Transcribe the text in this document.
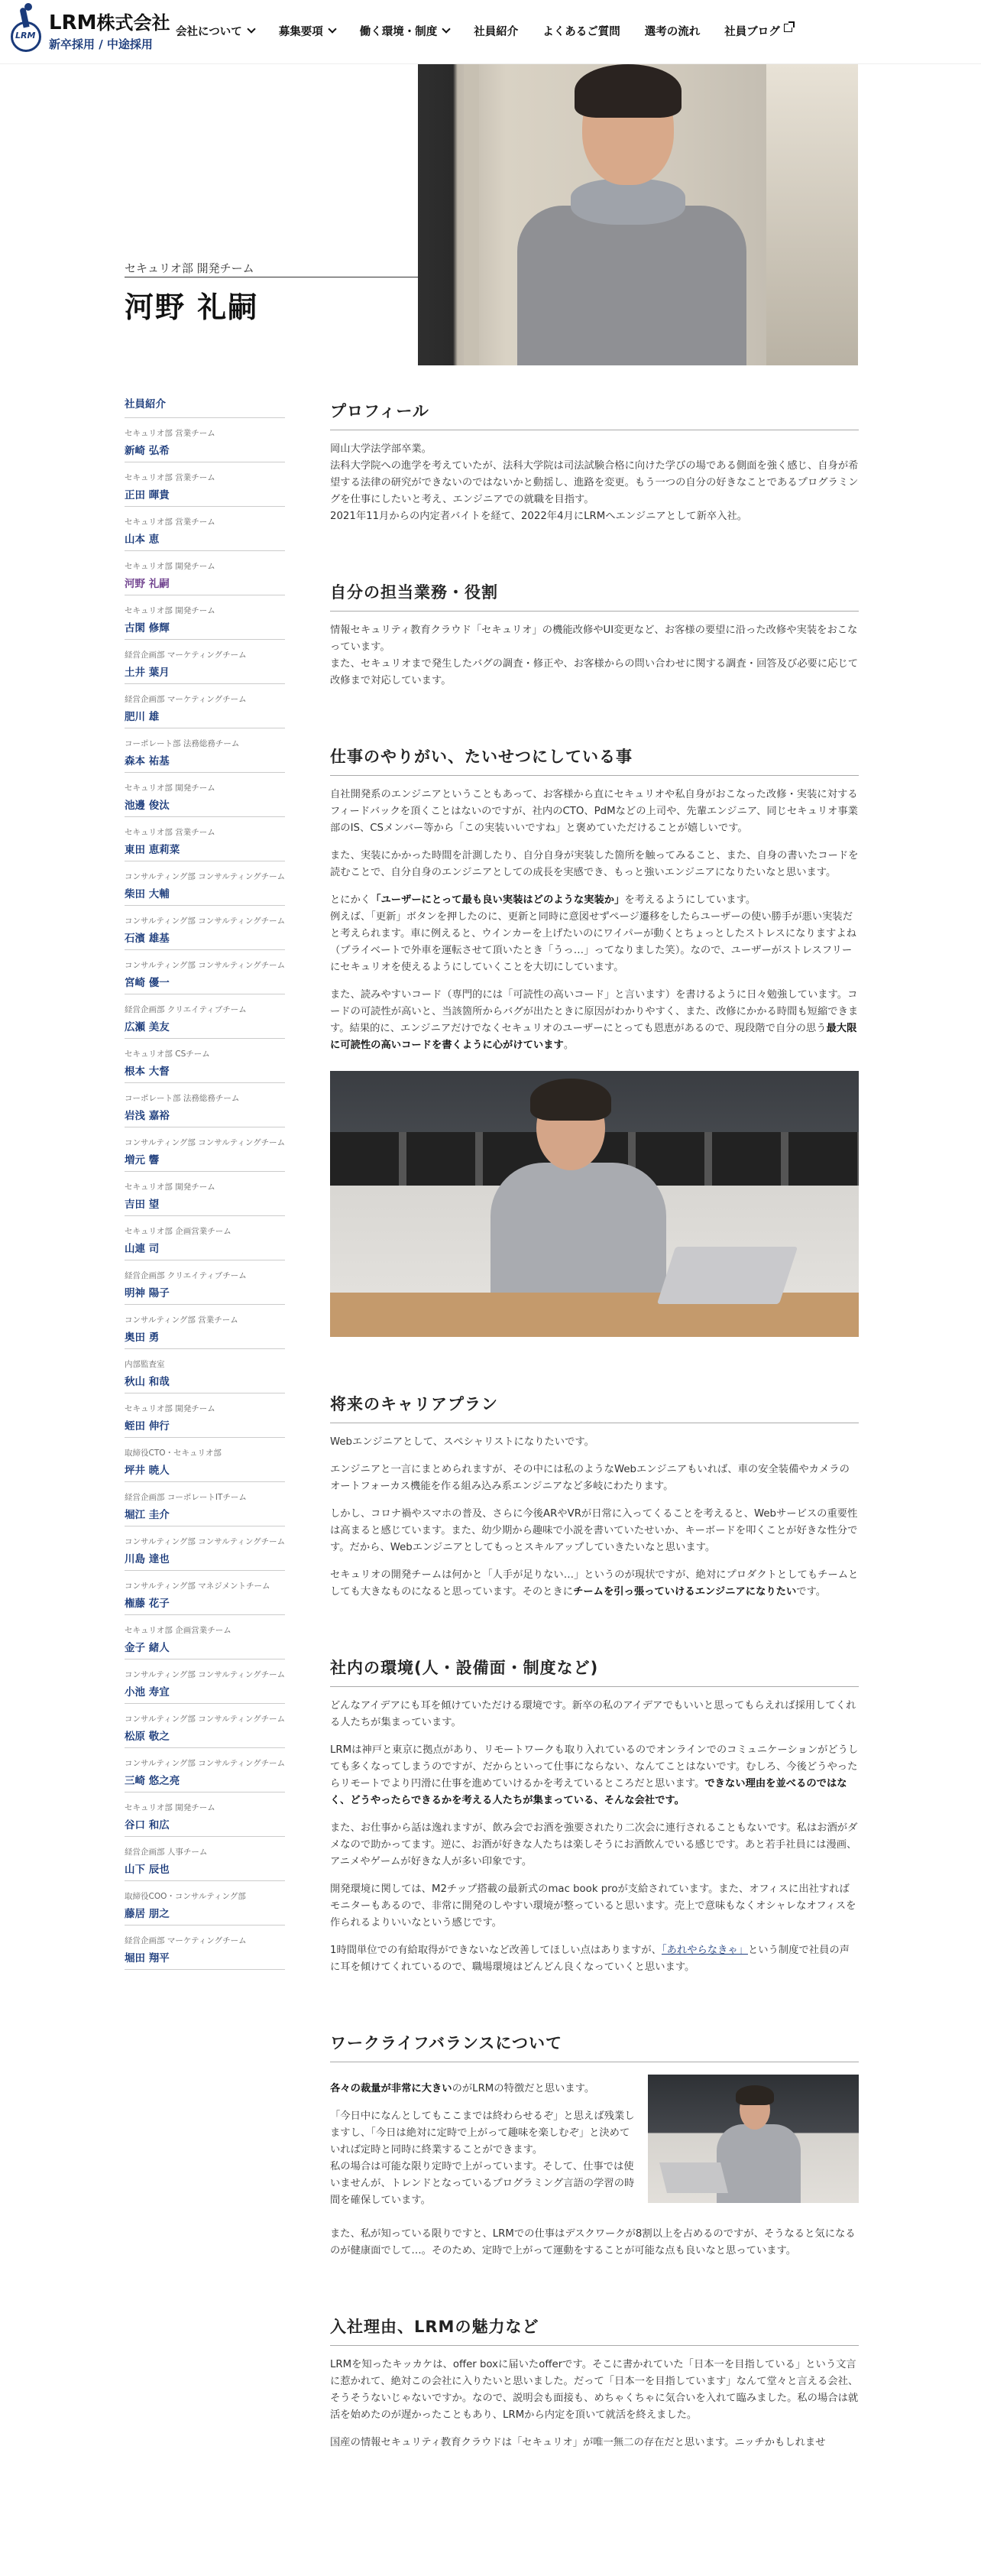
LRM
LRM株式会社
新卒採用 / 中途採用
会社について	募集要項	働く環境・制度	社員紹介 よくあるご質問 選考の流れ 社員ブログ
セキュリオ部 開発チーム
河野 礼嗣
社員紹介
セキュリオ部 営業チーム
新崎 弘希
セキュリオ部 営業チーム
正田 暉貴
セキュリオ部 営業チーム
山本 恵
セキュリオ部 開発チーム
河野 礼嗣
セキュリオ部 開発チーム
古閑 修輝
経営企画部 マーケティングチーム
土井 葉月
経営企画部 マーケティングチーム
肥川 雄
コーポレート部 法務総務チーム
森本 祐基
セキュリオ部 開発チーム
池邊 俊汰
セキュリオ部 営業チーム
東田 恵莉菜
コンサルティング部 コンサルティングチーム
柴田 大輔
コンサルティング部 コンサルティングチーム
石濱 雄基
コンサルティング部 コンサルティングチーム
宮崎 優一
経営企画部 クリエイティブチーム
広瀬 美友
セキュリオ部 CSチーム
根本 大督
コーポレート部 法務総務チーム
岩浅 嘉裕
コンサルティング部 コンサルティングチーム
増元 響
セキュリオ部 開発チーム
吉田 望
セキュリオ部 企画営業チーム
山連 司
経営企画部 クリエイティブチーム
明神 陽子
コンサルティング部 営業チーム
奥田 勇
内部監査室
秋山 和哉
セキュリオ部 開発チーム
蛭田 伸行
取締役CTO・セキュリオ部
坪井 暁人
経営企画部 コーポレートITチーム
堀江 圭介
コンサルティング部 コンサルティングチーム
川島 達也
コンサルティング部 マネジメントチーム
権藤 花子
セキュリオ部 企画営業チーム
金子 緒人
コンサルティング部 コンサルティングチーム
小池 寿宜
コンサルティング部 コンサルティングチーム
松原 敬之
コンサルティング部 コンサルティングチーム
三崎 悠之亮
セキュリオ部 開発チーム
谷口 和広
経営企画部 人事チーム
山下 辰也
取締役COO・コンサルティング部
藤居 朋之
経営企画部 マーケティングチーム
堀田 翔平
プロフィール

岡山大学法学部卒業。
法科大学院への進学を考えていたが、法科大学院は司法試験合格に向けた学びの場である側面を強く感じ、自身が希望する法律の研究ができないのではないかと動揺し、進路を変更。もう一つの自分の好きなことであるプログラミングを仕事にしたいと考え、エンジニアでの就職を目指す。
2021年11月からの内定者バイトを経て、2022年4月にLRMへエンジニアとして新卒入社。

自分の担当業務・役割

情報セキュリティ教育クラウド「セキュリオ」の機能改修やUI変更など、お客様の要望に沿った改修や実装をおこなっています。
また、セキュリオまで発生したバグの調査・修正や、お客様からの問い合わせに関する調査・回答及び必要に応じて改修まで対応しています。

仕事のやりがい、たいせつにしている事

自社開発系のエンジニアということもあって、お客様から直にセキュリオや私自身がおこなった改修・実装に対するフィードバックを頂くことはないのですが、社内のCTO、PdMなどの上司や、先輩エンジニア、同じセキュリオ事業部のIS、CSメンバー等から「この実装いいですね」と褒めていただけることが嬉しいです。

また、実装にかかった時間を計測したり、自分自身が実装した箇所を触ってみること、また、自身の書いたコードを読むことで、自分自身のエンジニアとしての成長を実感でき、もっと強いエンジニアになりたいなと思います。

とにかく「ユーザーにとって最も良い実装はどのような実装か」を考えるようにしています。
例えば、「更新」ボタンを押したのに、更新と同時に意図せずページ遷移をしたらユーザーの使い勝手が悪い実装だと考えられます。車に例えると、ウインカーを上げたいのにワイパーが動くとちょっとしたストレスになりますよね（プライベートで外車を運転させて頂いたとき「うっ…」ってなりました笑）。なので、ユーザーがストレスフリーにセキュリオを使えるようにしていくことを大切にしています。

また、読みやすいコード（専門的には「可読性の高いコード」と言います）を書けるように日々勉強しています。コードの可読性が高いと、当該箇所からバグが出たときに原因がわかりやすく、また、改修にかかる時間も短縮できます。結果的に、エンジニアだけでなくセキュリオのユーザーにとっても恩恵があるので、現段階で自分の思う最大限に可読性の高いコードを書くように心がけています。

将来のキャリアプラン

Webエンジニアとして、スペシャリストになりたいです。

エンジニアと一言にまとめられますが、その中には私のようなWebエンジニアもいれば、車の安全装備やカメラのオートフォーカス機能を作る組み込み系エンジニアなど多岐にわたります。

しかし、コロナ禍やスマホの普及、さらに今後ARやVRが日常に入ってくることを考えると、Webサービスの重要性は高まると感じています。また、幼少期から趣味で小説を書いていたせいか、キーボードを叩くことが好きな性分です。だから、Webエンジニアとしてもっとスキルアップしていきたいなと思います。

セキュリオの開発チームは何かと「人手が足りない…」というのが現状ですが、絶対にプロダクトとしてもチームとしても大きなものになると思っています。そのときにチームを引っ張っていけるエンジニアになりたいです。

社内の環境(人・設備面・制度など)

どんなアイデアにも耳を傾けていただける環境です。新卒の私のアイデアでもいいと思ってもらえれば採用してくれる人たちが集まっています。

LRMは神戸と東京に拠点があり、リモートワークも取り入れているのでオンラインでのコミュニケーションがどうしても多くなってしまうのですが、だからといって仕事にならない、なんてことはないです。むしろ、今後どうやったらリモートでより円滑に仕事を進めていけるかを考えているところだと思います。できない理由を並べるのではなく、どうやったらできるかを考える人たちが集まっている、そんな会社です。

また、お仕事から話は逸れますが、飲み会でお酒を強要されたり二次会に連行されることもないです。私はお酒がダメなので助かってます。逆に、お酒が好きな人たちは楽しそうにお酒飲んでいる感じです。あと若手社員には漫画、アニメやゲームが好きな人が多い印象です。

開発環境に関しては、M2チップ搭載の最新式のmac book proが支給されています。また、オフィスに出社すればモニターもあるので、非常に開発のしやすい環境が整っていると思います。売上で意味もなくオシャレなオフィスを作られるよりいいなという感じです。

1時間単位での有給取得ができないなど改善してほしい点はありますが、「あれやらなきゃ」という制度で社員の声に耳を傾けてくれているので、職場環境はどんどん良くなっていくと思います。

ワークライフバランスについて

各々の裁量が非常に大きいのがLRMの特徴だと思います。

「今日中になんとしてもここまでは終わらせるぞ」と思えば残業しますし、「今日は絶対に定時で上がって趣味を楽しむぞ」と決めていれば定時と同時に終業することができます。
私の場合は可能な限り定時で上がっています。そして、仕事では使いませんが、トレンドとなっているプログラミング言語の学習の時間を確保しています。

また、私が知っている限りですと、LRMでの仕事はデスクワークが8割以上を占めるのですが、そうなると気になるのが健康面でして…。そのため、定時で上がって運動をすることが可能な点も良いなと思っています。

入社理由、LRMの魅力など

LRMを知ったキッカケは、offer boxに届いたofferです。そこに書かれていた「日本一を目指している」という文言に惹かれて、絶対この会社に入りたいと思いました。だって「日本一を目指しています」なんて堂々と言える会社、そうそうないじゃないですか。なので、説明会も面接も、めちゃくちゃに気合いを入れて臨みました。私の場合は就活を始めたのが遅かったこともあり、LRMから内定を頂いて就活を終えました。

国産の情報セキュリティ教育クラウドは「セキュリオ」が唯一無二の存在だと思います。ニッチかもしれませ
